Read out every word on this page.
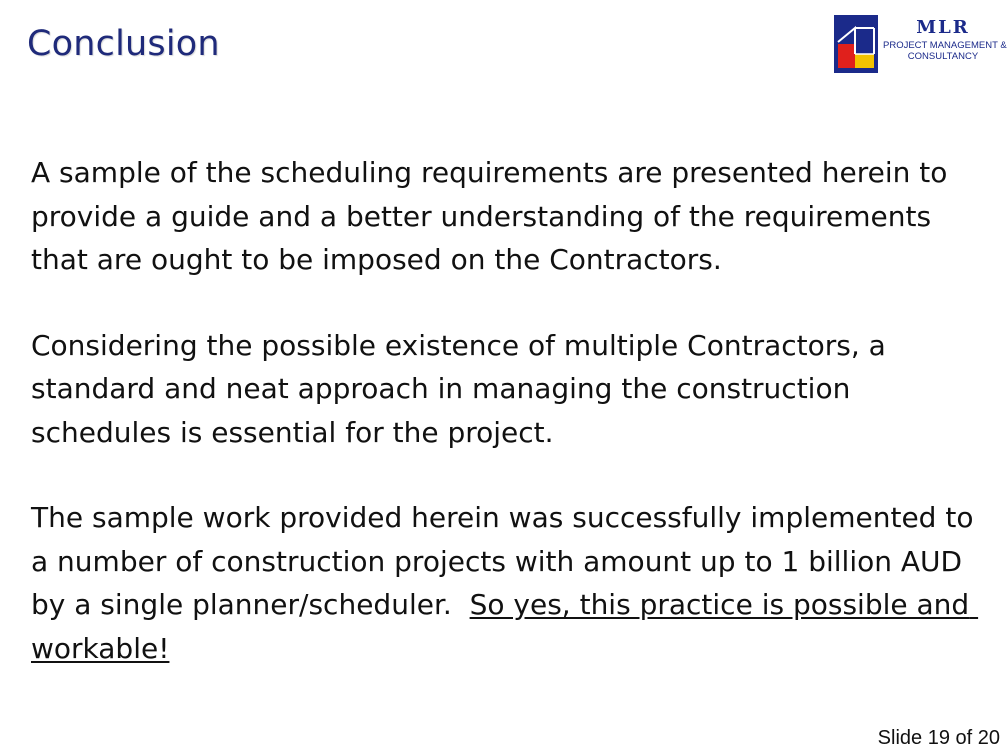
Conclusion	MLR
PROJECT MANAGEMENT &
CONSULTANCY

A sample of the scheduling requirements are presented herein to provide a guide and a better understanding of the requirements that are ought to be imposed on the Contractors.

Considering the possible existence of multiple Contractors, a standard and neat approach in managing the construction schedules is essential for the project.

The sample work provided herein was successfully implemented to a number of construction projects with amount up to 1 billion AUD by a single planner/scheduler.  So yes, this practice is possible and workable!

Slide 19 of 20
